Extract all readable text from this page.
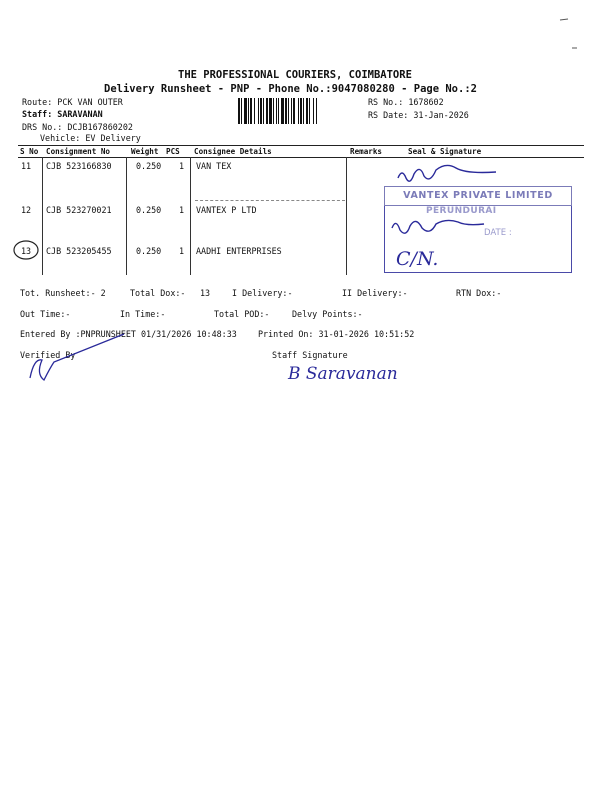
THE PROFESSIONAL COURIERS, COIMBATORE
Delivery Runsheet - PNP - Phone No.:9047080280 - Page No.:2
Route: PCK VAN OUTER
Staff: SARAVANAN
DRS No.: DCJB167860202
Vehicle: EV Delivery
RS No.: 1678602
RS Date: 31-Jan-2026
S No Consignment No	Weight PCS Consignee Details	Remarks	Seal & Signature
11 CJB 523166830	0.250 1 VAN TEX
12 CJB 523270021	0.250 1 VANTEX P LTD
13 CJB 523205455	0.250 1 AADHI ENTERPRISES
VANTEX PRIVATE LIMITED
PERUNDURAI
DATE :
C/N.
Tot. Runsheet:- 2	Total Dox:- 13	I Delivery:-	II Delivery:-	RTN Dox:-
Out Time:-	In Time:-	Total POD:-	Delvy Points:-
Entered By :PNPRUNSHEET 01/31/2026 10:48:33	Printed On: 31-01-2026 10:51:52
Verified By	Staff Signature
B Saravanan
